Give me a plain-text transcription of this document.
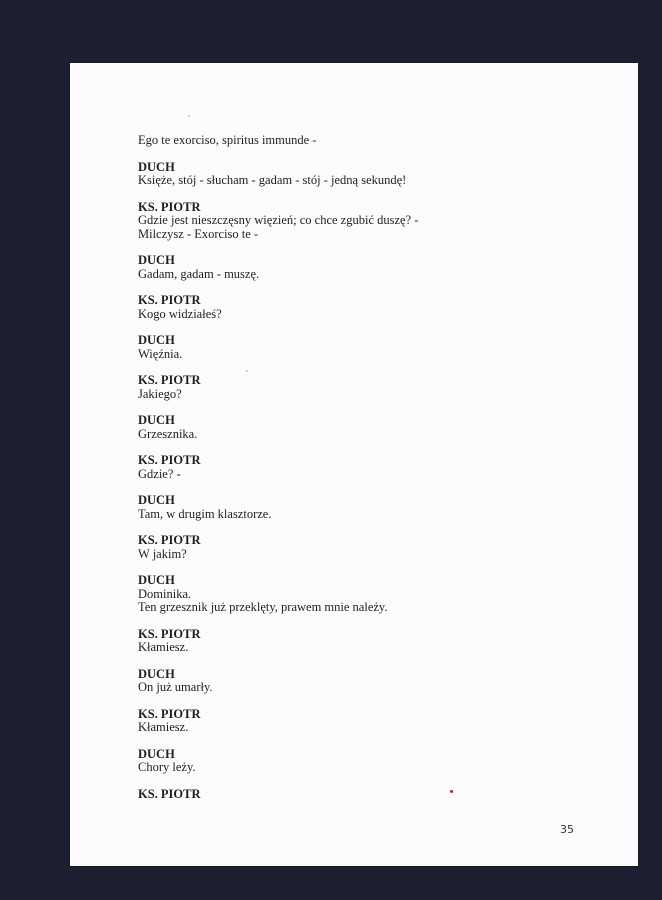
Ego te exorciso, spiritus immunde -
DUCH
Księże, stój - słucham - gadam - stój - jedną sekundę!
KS. PIOTR
Gdzie jest nieszczęsny więzień; co chce zgubić duszę? -
Milczysz - Exorciso te -
DUCH
Gadam, gadam - muszę.
KS. PIOTR
Kogo widziałeś?
DUCH
Więźnia.
KS. PIOTR
Jakiego?
DUCH
Grzesznika.
KS. PIOTR
Gdzie? -
DUCH
Tam, w drugim klasztorze.
KS. PIOTR
W jakim?
DUCH
Dominika.
Ten grzesznik już przeklęty, prawem mnie należy.
KS. PIOTR
Kłamiesz.
DUCH
On już umarły.
KS. PIOTR
Kłamiesz.
DUCH
Chory leży.
KS. PIOTR
35
